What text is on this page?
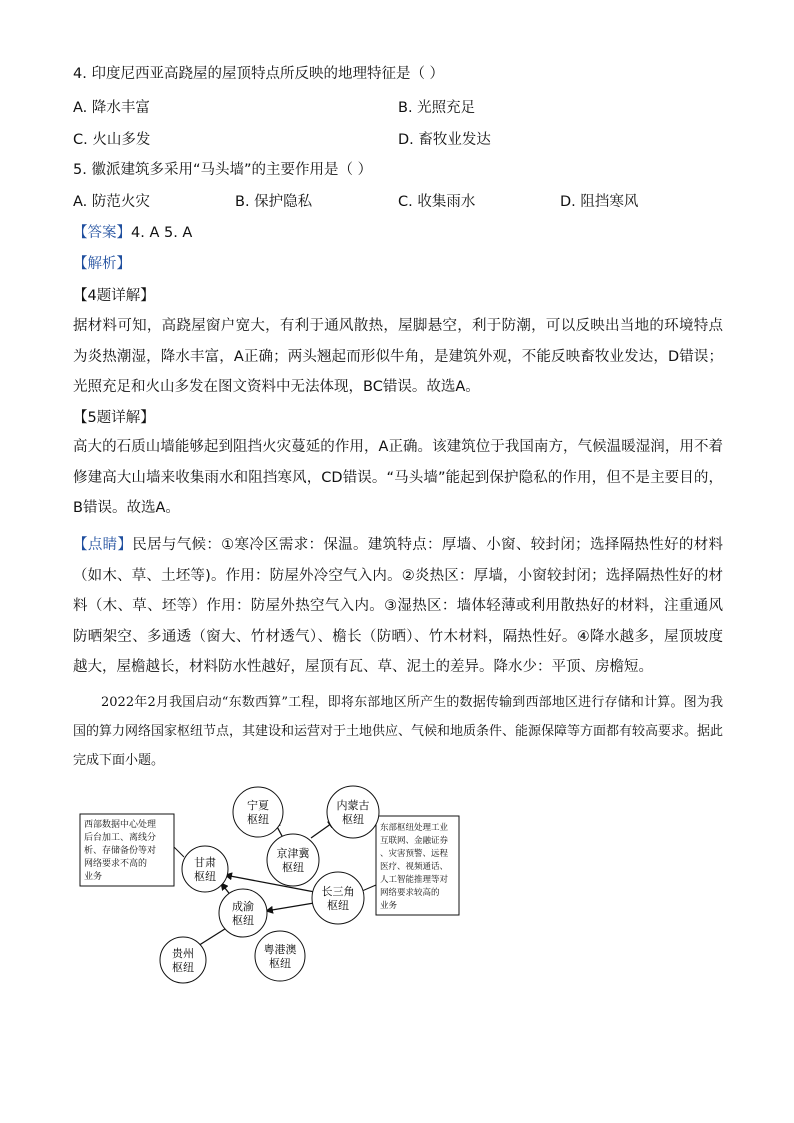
4. 印度尼西亚高跷屋的屋顶特点所反映的地理特征是（ ）
A. 降水丰富	B. 光照充足
C. 火山多发	D. 畜牧业发达
5. 徽派建筑多采用“马头墙”的主要作用是（ ）
A. 防范火灾	B. 保护隐私	C. 收集雨水	D. 阻挡寒风
【答案】4. A 5. A
【解析】
【4题详解】
据材料可知，高跷屋窗户宽大，有利于通风散热，屋脚悬空，利于防潮，可以反映出当地的环境特点为炎热潮湿，降水丰富，A正确；两头翘起而形似牛角，是建筑外观，不能反映畜牧业发达，D错误；光照充足和火山多发在图文资料中无法体现，BC错误。故选A。
【5题详解】
高大的石质山墙能够起到阻挡火灾蔓延的作用，A正确。该建筑位于我国南方，气候温暖湿润，用不着修建高大山墙来收集雨水和阻挡寒风，CD错误。“马头墙”能起到保护隐私的作用，但不是主要目的，B错误。故选A。
【点睛】民居与气候：①寒冷区需求：保温。建筑特点：厚墙、小窗、较封闭；选择隔热性好的材料（如木、草、土坯等)。作用：防屋外冷空气入内。②炎热区：厚墙，小窗较封闭；选择隔热性好的材料（木、草、坯等）作用：防屋外热空气入内。③湿热区：墙体轻薄或利用散热好的材料，注重通风防晒架空、多通透（窗大、竹材透气）、檐长（防晒）、竹木材料，隔热性好。④降水越多，屋顶坡度越大，屋檐越长，材料防水性越好，屋顶有瓦、草、泥土的差异。降水少：平顶、房檐短。
2022年2月我国启动“东数西算”工程，即将东部地区所产生的数据传输到西部地区进行存储和计算。图为我国的算力网络国家枢纽节点，其建设和运营对于土地供应、气候和地质条件、能源保障等方面都有较高要求。据此完成下面小题。
西部数据中心处理 后台加工、离线分 析、存储备份等对 网络要求不高的 业务
东部枢纽处理工业 互联网、金融证券 、灾害预警、远程 医疗、视频通话、 人工智能推理等对 网络要求较高的 业务
宁夏
枢纽
内蒙古
枢纽
京津冀
枢纽
甘肃
枢纽
长三角
枢纽
成渝
枢纽
贵州
枢纽
粤港澳
枢纽
